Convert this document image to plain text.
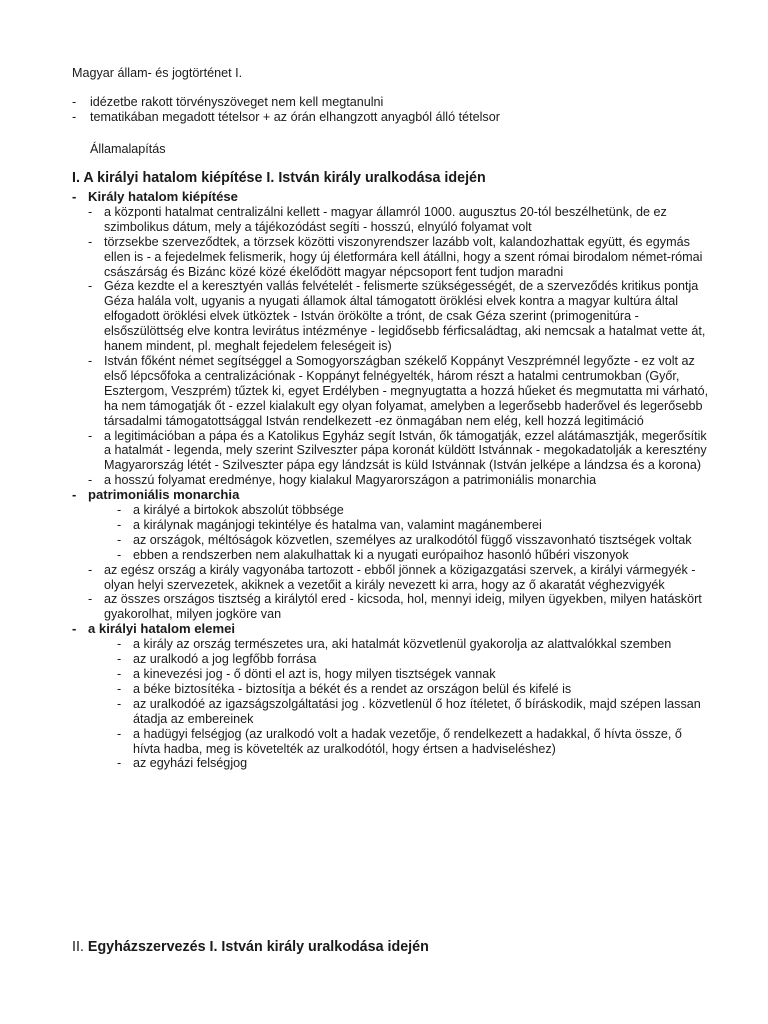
Magyar állam- és jogtörténet I.
- idézetbe rakott törvényszöveget nem kell megtanulni
- tematikában megadott tételsor + az órán elhangzott anyagból álló tételsor
Államalapítás
I. A királyi hatalom kiépítése I. István király uralkodása idején
- Király hatalom kiépítése
- a központi hatalmat centralizálni kellett - magyar államról 1000. augusztus 20-tól beszélhetünk, de ez szimbolikus dátum, mely a tájékozódást segíti - hosszú, elnyúló folyamat volt
- törzsekbe szerveződtek, a törzsek közötti viszonyrendszer lazább volt, kalandozhattak együtt, és egymás ellen is - a fejedelmek felismerik, hogy új életformára kell átállni, hogy a szent római birodalom német-római császárság és Bizánc közé közé ékelődött magyar népcsoport fent tudjon maradni
- Géza kezdte el a keresztyén vallás felvételét - felismerte szükségességét, de a szerveződés kritikus pontja Géza halála volt, ugyanis a nyugati államok által támogatott öröklési elvek kontra a magyar kultúra által elfogadott öröklési elvek ütköztek - István örökölte a trónt, de csak Géza szerint (primogenitúra - elsőszülöttség elve kontra levirátus intézménye - legidősebb férficsaládtag, aki nemcsak a hatalmat vette át, hanem mindent, pl. meghalt fejedelem feleségeit is)
- István főként német segítséggel a Somogyországban székelő Koppányt Veszprémnél legyőzte - ez volt az első lépcsőfoka a centralizációnak - Koppányt felnégyelték, három részt a hatalmi centrumokban (Győr, Esztergom, Veszprém) tűztek ki, egyet Erdélyben - megnyugtatta a hozzá hűeket és megmutatta mi várható, ha nem támogatják őt - ezzel kialakult egy olyan folyamat, amelyben a legerősebb haderővel és legerősebb társadalmi támogatottsággal István rendelkezett -ez önmagában nem elég, kell hozzá legitimáció
- a legitimációban a pápa és a Katolikus Egyház segít István, ők támogatják, ezzel alátámasztják, megerősítik a hatalmát - legenda, mely szerint Szilveszter pápa koronát küldött Istvánnak - megokadatolják a keresztény Magyarország létét - Szilveszter pápa egy lándzsát is küld Istvánnak (István jelképe a lándzsa és a korona)
- a hosszú folyamat eredménye, hogy kialakul Magyarországon a patrimoniális monarchia
- patrimoniális monarchia
- a királyé a birtokok abszolút többsége
- a királynak magánjogi tekintélye és hatalma van, valamint magánemberei
- az országok, méltóságok közvetlen, személyes az uralkodótól függő visszavonható tisztségek voltak
- ebben a rendszerben nem alakulhattak ki a nyugati európaihoz hasonló hűbéri viszonyok
- az egész ország a király vagyonába tartozott - ebből jönnek a közigazgatási szervek, a királyi vármegyék - olyan helyi szervezetek, akiknek a vezetőit a király nevezett ki arra, hogy az ő akaratát véghezvigyék
- az összes országos tisztség a királytól ered - kicsoda, hol, mennyi ideig, milyen ügyekben, milyen hatáskört gyakorolhat, milyen jogköre van
- a királyi hatalom elemei
- a király az ország természetes ura, aki hatalmát közvetlenül gyakorolja az alattvalókkal szemben
- az uralkodó a jog legfőbb forrása
- a kinevezési jog - ő dönti el azt is, hogy milyen tisztségek vannak
- a béke biztosítéka - biztosítja a békét és a rendet az országon belül és kifelé is
- az uralkodóé az igazságszolgáltatási jog . közvetlenül ő hoz ítéletet, ő bíráskodik, majd szépen lassan átadja az embereinek
- a hadügyi felségjog (az uralkodó volt a hadak vezetője, ő rendelkezett a hadakkal, ő hívta össze, ő hívta hadba, meg is követelték az uralkodótól, hogy értsen a hadviseléshez)
- az egyházi felségjog
II. Egyházszervezés I. István király uralkodása idején
